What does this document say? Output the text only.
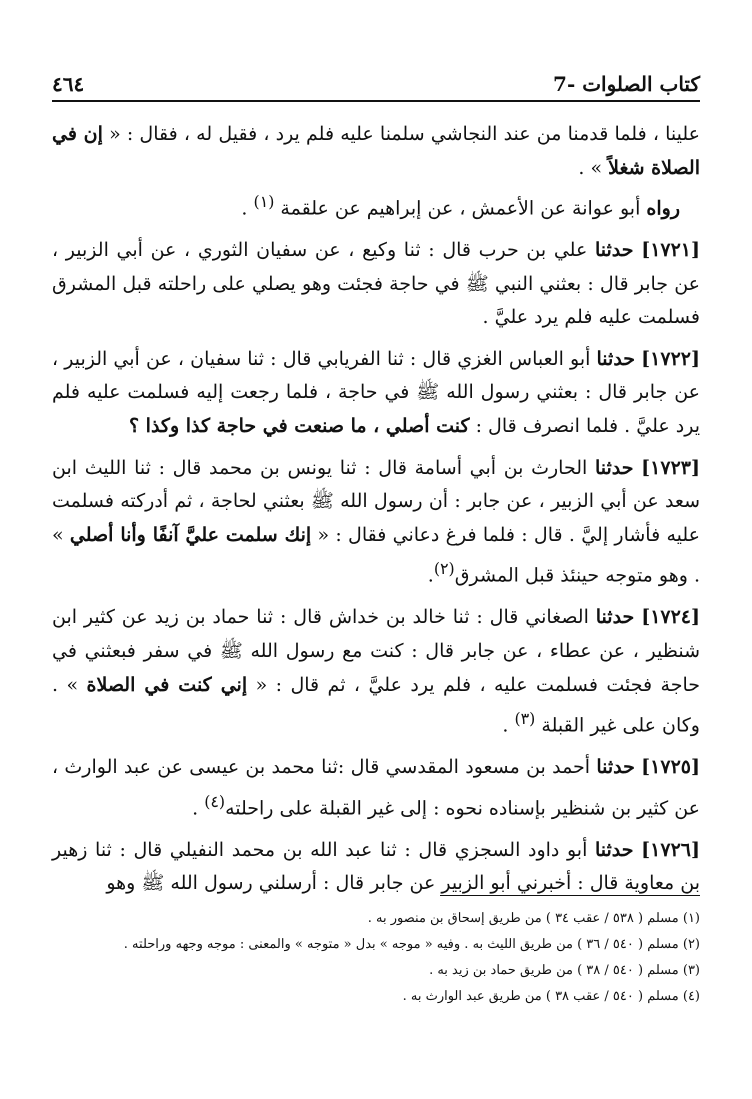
٤٦٤	7- كتاب الصلوات

علينا ، فلما قدمنا من عند النجاشي سلمنا عليه فلم يرد ، فقيل له ، فقال : « إن في الصلاة شغلاً » .

رواه أبو عوانة عن الأعمش ، عن إبراهيم عن علقمة $^{(١)}$ .

[١٧٢١] حدثنا علي بن حرب قال : ثنا وكيع ، عن سفيان الثوري ، عن أبي الزبير ، عن جابر قال : بعثني النبي ﷺ في حاجة فجئت وهو يصلي على راحلته قبل المشرق فسلمت عليه فلم يرد عليَّ .

[١٧٢٢] حدثنا أبو العباس الغزي قال : ثنا الفريابي قال : ثنا سفيان ، عن أبي الزبير ، عن جابر قال : بعثني رسول الله ﷺ في حاجة ، فلما رجعت إليه فسلمت عليه فلم يرد عليَّ . فلما انصرف قال : كنت أصلي ، ما صنعت في حاجة كذا وكذا ؟

[١٧٢٣] حدثنا الحارث بن أبي أسامة قال : ثنا يونس بن محمد قال : ثنا الليث ابن سعد عن أبي الزبير ، عن جابر : أن رسول الله ﷺ بعثني لحاجة ، ثم أدركته فسلمت عليه فأشار إليَّ . قال : فلما فرغ دعاني فقال : « إنك سلمت عليَّ آنفًا وأنا أصلي » . وهو متوجه حينئذ قبل المشرق$^{(٢)}$.

[١٧٢٤] حدثنا الصغاني قال : ثنا خالد بن خداش قال : ثنا حماد بن زيد عن كثير ابن شنظير ، عن عطاء ، عن جابر قال : كنت مع رسول الله ﷺ في سفر فبعثني في حاجة فجئت فسلمت عليه ، فلم يرد عليَّ ، ثم قال : « إني كنت في الصلاة » . وكان على غير القبلة $^{(٣)}$ .

[١٧٢٥] حدثنا أحمد بن مسعود المقدسي قال :ثنا محمد بن عيسى عن عبد الوارث ، عن كثير بن شنظير بإسناده نحوه : إلى غير القبلة على راحلته$^{(٤)}$ .

[١٧٢٦] حدثنا أبو داود السجزي قال : ثنا عبد الله بن محمد النفيلي قال : ثنا زهير بن معاوية قال : أخبرني أبو الزبير عن جابر قال : أرسلني رسول الله ﷺ وهو

(١) مسلم ( ٥٣٨ / عقب ٣٤ ) من طريق إسحاق بن منصور به .
(٢) مسلم ( ٥٤٠ / ٣٦ ) من طريق الليث به . وفيه « موجه » بدل « متوجه » والمعنى : موجه وجهه وراحلته .
(٣) مسلم ( ٥٤٠ / ٣٨ ) من طريق حماد بن زيد به .
(٤) مسلم ( ٥٤٠ / عقب ٣٨ ) من طريق عبد الوارث به .
